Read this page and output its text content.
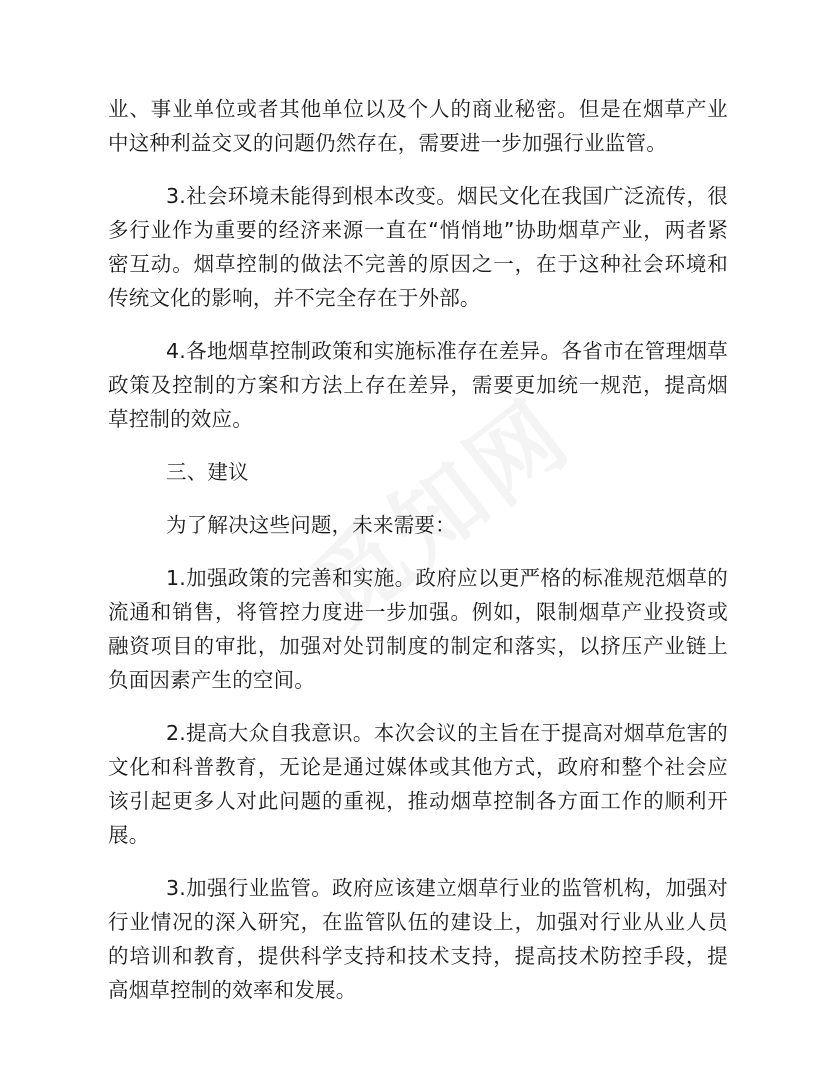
业、事业单位或者其他单位以及个人的商业秘密。但是在烟草产业中这种利益交叉的问题仍然存在，需要进一步加强行业监管。

3.社会环境未能得到根本改变。烟民文化在我国广泛流传，很多行业作为重要的经济来源一直在“悄悄地”协助烟草产业，两者紧密互动。烟草控制的做法不完善的原因之一，在于这种社会环境和传统文化的影响，并不完全存在于外部。

4.各地烟草控制政策和实施标准存在差异。各省市在管理烟草政策及控制的方案和方法上存在差异，需要更加统一规范，提高烟草控制的效应。

三、建议

为了解决这些问题，未来需要：

1.加强政策的完善和实施。政府应以更严格的标准规范烟草的流通和销售，将管控力度进一步加强。例如，限制烟草产业投资或融资项目的审批，加强对处罚制度的制定和落实，以挤压产业链上负面因素产生的空间。

2.提高大众自我意识。本次会议的主旨在于提高对烟草危害的文化和科普教育，无论是通过媒体或其他方式，政府和整个社会应该引起更多人对此问题的重视，推动烟草控制各方面工作的顺利开展。

3.加强行业监管。政府应该建立烟草行业的监管机构，加强对行业情况的深入研究，在监管队伍的建设上，加强对行业从业人员的培训和教育，提供科学支持和技术支持，提高技术防控手段，提高烟草控制的效率和发展。
